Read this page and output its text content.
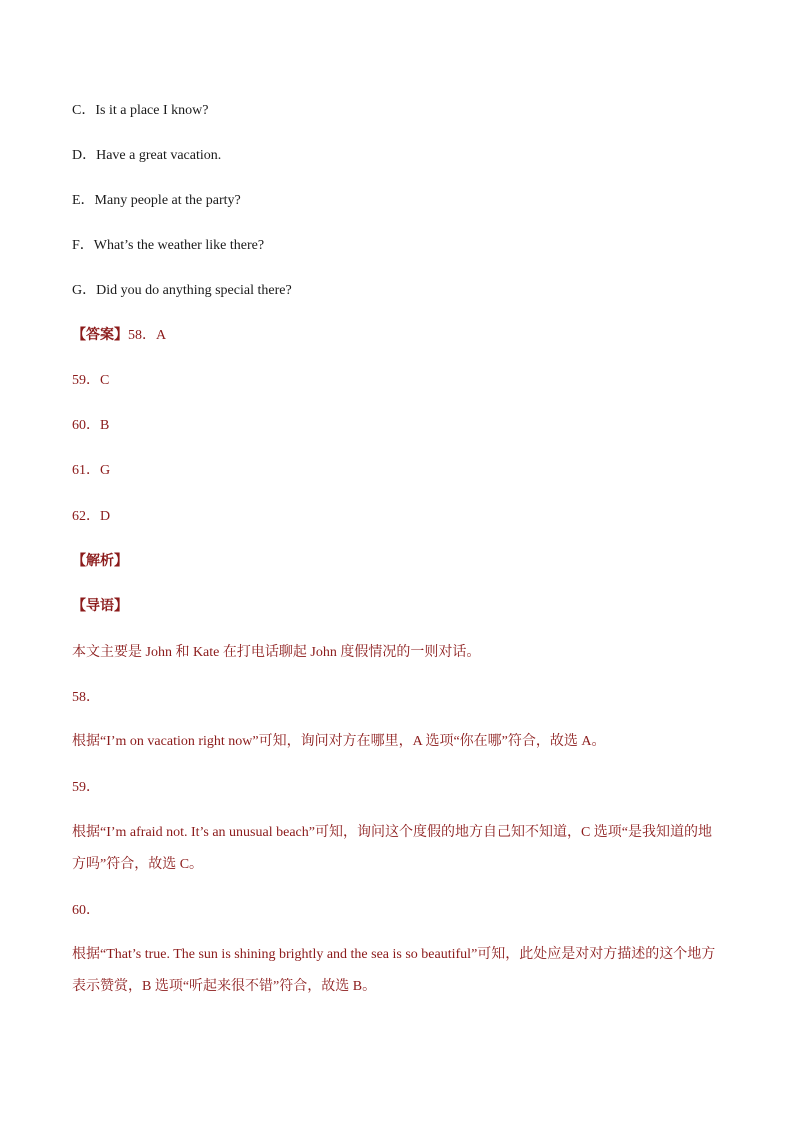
C．Is it a place I know?
D．Have a great vacation.
E．Many people at the party?
F．What’s the weather like there?
G．Did you do anything special there?
【答案】58．A
59．C
60．B
61．G
62．D
【解析】
【导语】
本文主要是 John 和 Kate 在打电话聊起 John 度假情况的一则对话。
58．
根据“I’m on vacation right now”可知，询问对方在哪里，A 选项“你在哪”符合，故选 A。
59．
根据“I’m afraid not. It’s an unusual beach”可知，询问这个度假的地方自己知不知道，C 选项“是我知道的地方吗”符合，故选 C。
60．
根据“That’s true. The sun is shining brightly and the sea is so beautiful”可知，此处应是对对方描述的这个地方表示赞赏，B 选项“听起来很不错”符合，故选 B。
